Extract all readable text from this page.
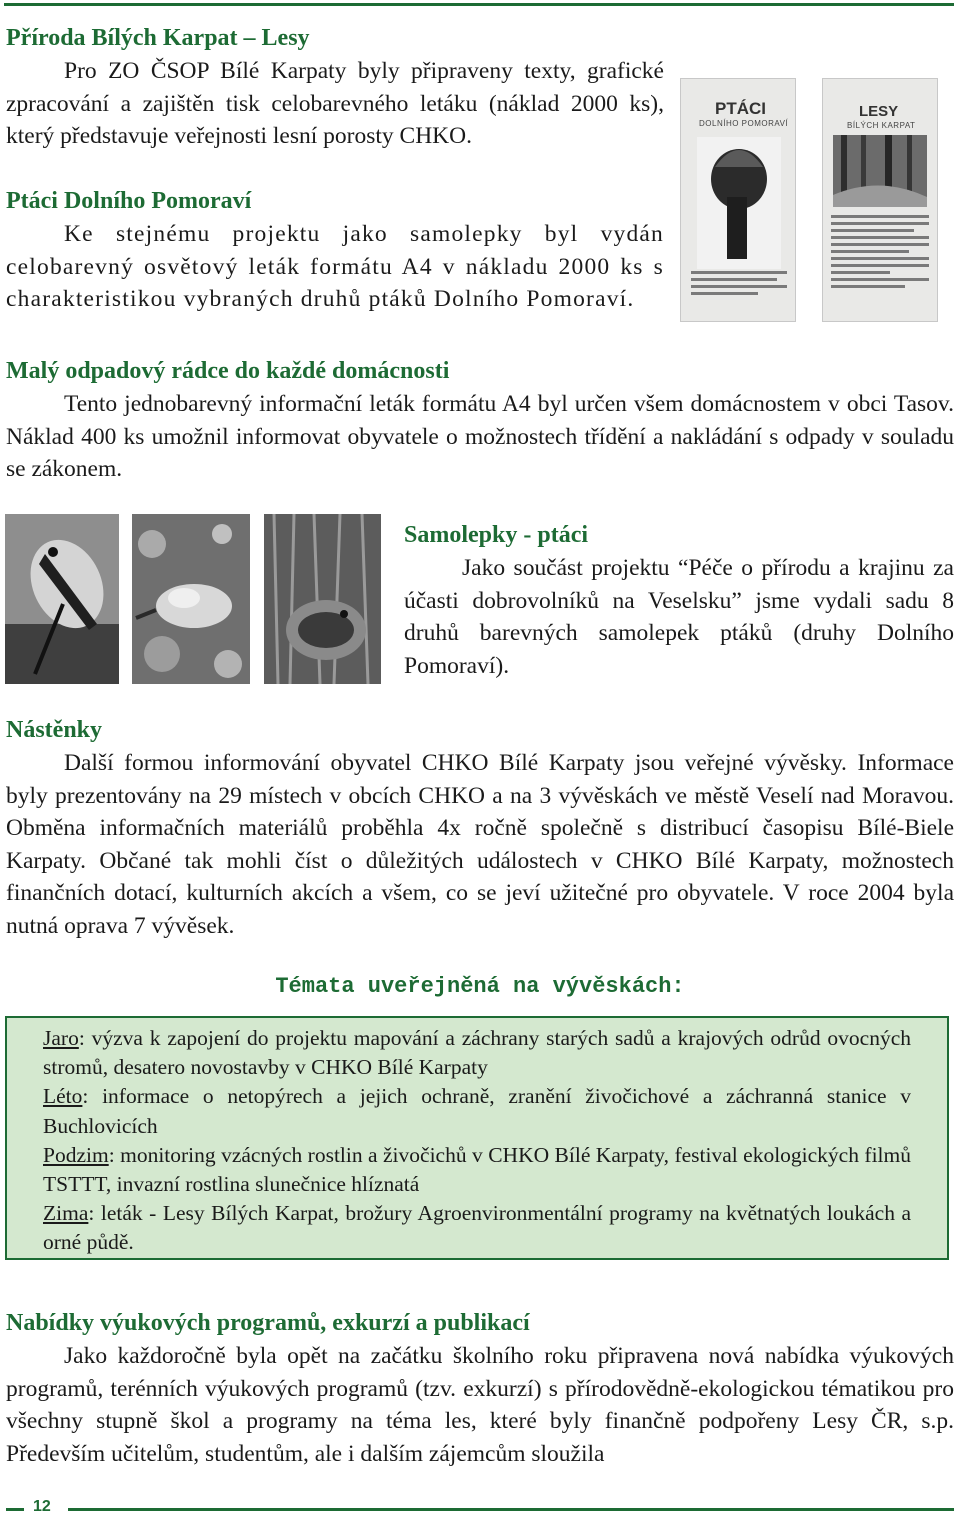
Příroda Bílých Karpat – Lesy

Pro ZO ČSOP Bílé Karpaty byly připraveny texty, grafické zpracování a zajištěn tisk celobarevného letáku (náklad 2000 ks), který představuje veřejnosti lesní porosty CHKO.

Ptáci Dolního Pomoraví

Ke stejnému projektu jako samolepky byl vydán celobarevný osvětový leták formátu A4 v nákladu 2000 ks s charakteristikou vybraných druhů ptáků Dolního Pomoraví.

PTÁCI
DOLNÍHO POMORAVÍ
LESY
BÍLÝCH KARPAT
Malý odpadový rádce do každé domácnosti

Tento jednobarevný informační leták formátu A4 byl určen všem domácnostem v obci Tasov. Náklad 400 ks umožnil informovat obyvatele o možnostech třídění a nakládání s odpady v souladu se zákonem.

Samolepky - ptáci

Jako součást projektu “Péče o přírodu a krajinu za účasti dobrovolníků na Veselsku” jsme vydali sadu 8 druhů barevných samolepek ptáků (druhy Dolního Pomoraví).

Nástěnky

Další formou informování obyvatel CHKO Bílé Karpaty jsou veřejné vývěsky. Informace byly prezentovány na 29 místech v obcích CHKO a na 3 vývěskách ve městě Veselí nad Moravou. Obměna informačních materiálů proběhla 4x ročně společně s distribucí časopisu Bílé-Biele Karpaty. Občané tak mohli číst o důležitých událostech v CHKO Bílé Karpaty, možnostech finančních dotací, kulturních akcích a všem, co se jeví užitečné pro obyvatele. V roce 2004 byla nutná oprava 7 vývěsek.

Témata uveřejněná na vývěskách:

Jaro: výzva k zapojení do projektu mapování a záchrany starých sadů a krajových odrůd ovocných stromů, desatero novostavby v CHKO Bílé Karpaty

Léto: informace o netopýrech a jejich ochraně, zranění živočichové a záchranná stanice v Buchlovicích

Podzim: monitoring vzácných rostlin a živočichů v CHKO Bílé Karpaty, festival ekologických filmů TSTTT, invazní rostlina slunečnice hlíznatá

Zima: leták - Lesy Bílých Karpat, brožury Agroenvironmentální programy na květnatých loukách a orné půdě.

Nabídky výukových programů, exkurzí a publikací

Jako každoročně byla opět na začátku školního roku připravena nová nabídka výukových programů, terénních výukových programů (tzv. exkurzí) s přírodovědně-ekologickou tématikou pro všechny stupně škol a programy na téma les, které byly finančně podpořeny Lesy ČR, s.p. Především učitelům, studentům, ale i dalším zájemcům sloužila

12
